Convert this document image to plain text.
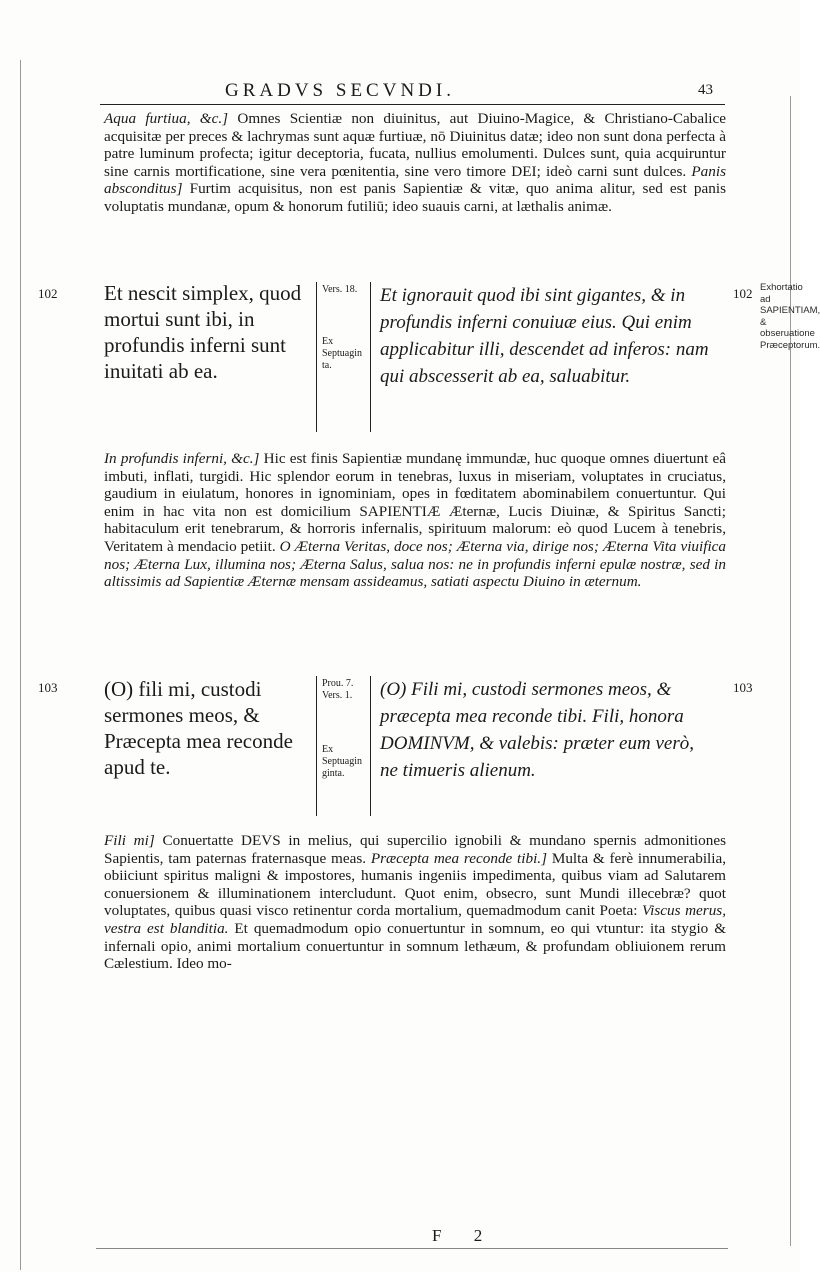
GRADVS SECVNDI.	43

Aqua furtiua, &c.] Omnes Scientiæ non diuinitus, aut Diuino-Magice, & Christiano-Cabalice acquisitæ per preces & lachrymas sunt aquæ furtiuæ, nō Diuinitus datæ; ideo non sunt dona perfecta à patre luminum profecta; igitur deceptoria, fucata, nullius emolumenti. Dulces sunt, quia acquiruntur sine carnis mortificatione, sine vera pœnitentia, sine vero timore DEI; ideò carni sunt dulces. Panis absconditus] Furtim acquisitus, non est panis Sapientiæ & vitæ, quo anima alitur, sed est panis voluptatis mundanæ, opum & honorum futiliū; ideo suauis carni, at læthalis animæ.

102	102 Exhortatio ad SAPIENTIAM, & obseruatione Præceptorum.

Et nescit simplex, quod mortui sunt ibi, in profundis inferni sunt inuitati ab ea.

Vers. 18.
Ex Septuagin ta.

Et ignorauit quod ibi sint gigantes, & in profundis inferni conuiuæ eius. Qui enim applicabitur illi, descendet ad inferos: nam qui abscesserit ab ea, saluabitur.

In profundis inferni, &c.] Hic est finis Sapientiæ mundanę immundæ, huc quoque omnes diuertunt eâ imbuti, inflati, turgidi. Hic splendor eorum in tenebras, luxus in miseriam, voluptates in cruciatus, gaudium in eiulatum, honores in ignominiam, opes in fœditatem abominabilem conuertuntur. Qui enim in hac vita non est domicilium SAPIENTIÆ Æternæ, Lucis Diuinæ, & Spiritus Sancti; habitaculum erit tenebrarum, & horroris infernalis, spirituum malorum: eò quod Lucem à tenebris, Veritatem à mendacio petiit. O Æterna Veritas, doce nos; Æterna via, dirige nos; Æterna Vita viuifica nos; Æterna Lux, illumina nos; Æterna Salus, salua nos: ne in profundis inferni epulæ nostræ, sed in altissimis ad Sapientiæ Æternæ mensam assideamus, satiati aspectu Diuino in æternum.

103	103

(O) fili mi, custodi sermones meos, & Præcepta mea reconde apud te.

Prou. 7. Vers. 1.
Ex Septuagin ginta.

(O) Fili mi, custodi sermones meos, & præcepta mea reconde tibi. Fili, honora DOMINVM, & valebis: præter eum verò, ne timueris alienum.

Fili mi] Conuertatte DEVS in melius, qui supercilio ignobili & mundano spernis admonitiones Sapientis, tam paternas fraternasque meas. Præcepta mea reconde tibi.] Multa & ferè innumerabilia, obiiciunt spiritus maligni & impostores, humanis ingeniis impedimenta, quibus viam ad Salutarem conuersionem & illuminationem intercludunt. Quot enim, obsecro, sunt Mundi illecebræ? quot voluptates, quibus quasi visco retinentur corda mortalium, quemadmodum canit Poeta: Viscus merus, vestra est blanditia. Et quemadmodum opio conuertuntur in somnum, eo qui vtuntur: ita stygio & infernali opio, animi mortalium conuertuntur in somnum lethæum, & profundam obliuionem rerum Cælestium. Ideo mo-

F 2
